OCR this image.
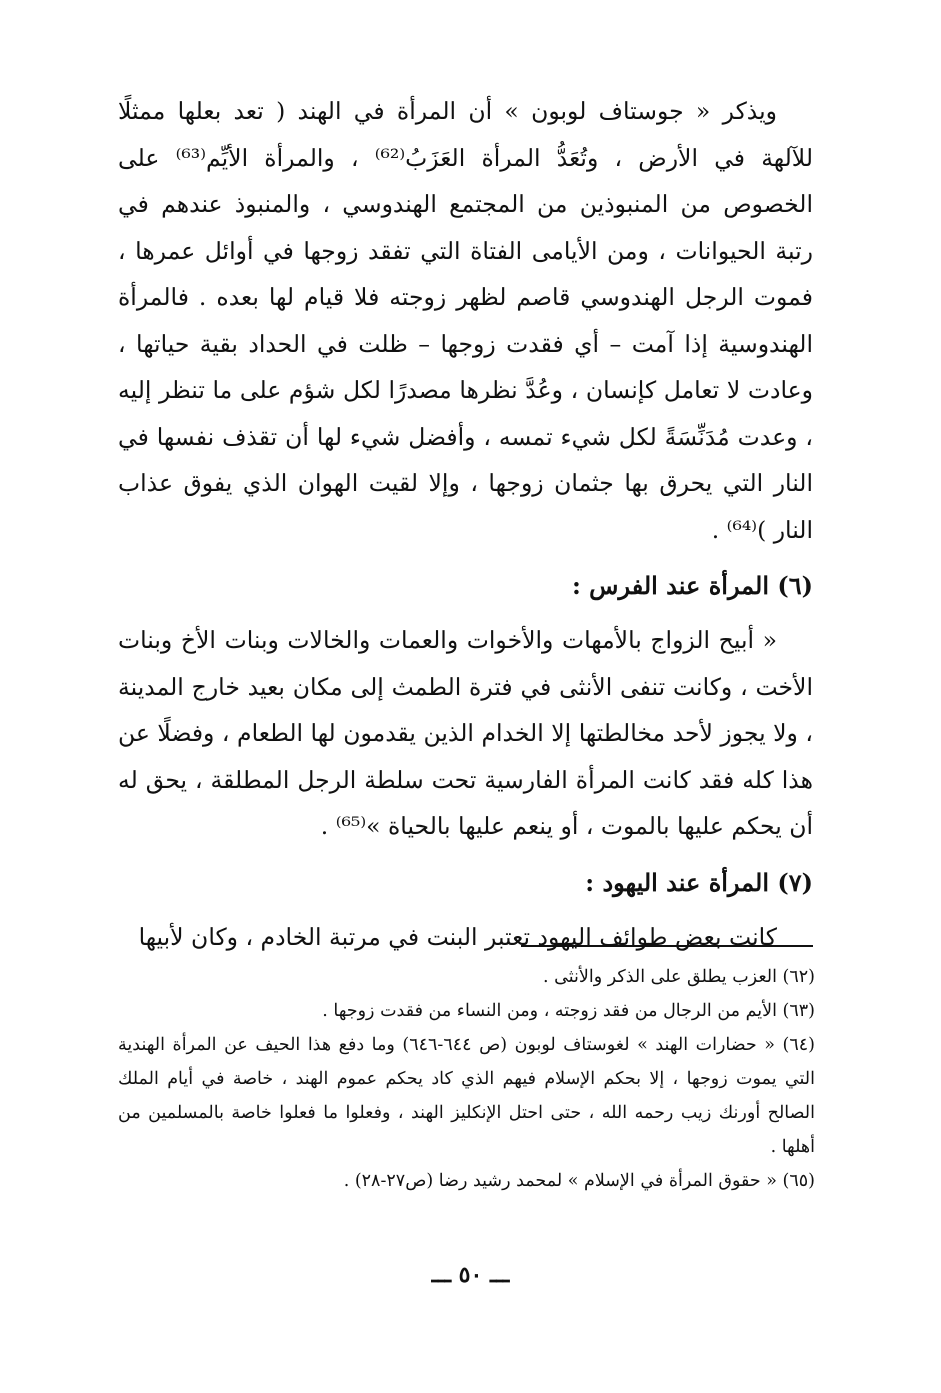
ويذكر « جوستاف لوبون » أن المرأة في الهند ( تعد بعلها ممثلًا للآلهة في الأرض ، وتُعَدُّ المرأة العَزَبُ⁽⁶²⁾ ، والمرأة الأيِّم⁽⁶³⁾ على الخصوص من المنبوذين من المجتمع الهندوسي ، والمنبوذ عندهم في رتبة الحيوانات ، ومن الأيامى الفتاة التي تفقد زوجها في أوائل عمرها ، فموت الرجل الهندوسي قاصم لظهر زوجته فلا قيام لها بعده . فالمرأة الهندوسية إذا آمت – أي فقدت زوجها – ظلت في الحداد بقية حياتها ، وعادت لا تعامل كإنسان ، وعُدَّ نظرها مصدرًا لكل شؤم على ما تنظر إليه ، وعدت مُدَنِّسَةً لكل شيء تمسه ، وأفضل شيء لها أن تقذف نفسها في النار التي يحرق بها جثمان زوجها ، وإلا لقيت الهوان الذي يفوق عذاب النار )⁽⁶⁴⁾ .

(٦) المرأة عند الفرس :

« أبيح الزواج بالأمهات والأخوات والعمات والخالات وبنات الأخ وبنات الأخت ، وكانت تنفى الأنثى في فترة الطمث إلى مكان بعيد خارج المدينة ، ولا يجوز لأحد مخالطتها إلا الخدام الذين يقدمون لها الطعام ، وفضلًا عن هذا كله فقد كانت المرأة الفارسية تحت سلطة الرجل المطلقة ، يحق له أن يحكم عليها بالموت ، أو ينعم عليها بالحياة »⁽⁶⁵⁾ .

(٧) المرأة عند اليهود :

كانت بعض طوائف اليهود تعتبر البنت في مرتبة الخادم ، وكان لأبيها

(٦٢) العزب يطلق على الذكر والأنثى .

(٦٣) الأيم من الرجال من فقد زوجته ، ومن النساء من فقدت زوجها .

(٦٤) « حضارات الهند » لغوستاف لوبون (ص ٦٤٤-٦٤٦) وما دفع هذا الحيف عن المرأة الهندية التي يموت زوجها ، إلا بحكم الإسلام فيهم الذي كاد يحكم عموم الهند ، خاصة في أيام الملك الصالح أورنك زيب رحمه الله ، حتى احتل الإنكليز الهند ، وفعلوا ما فعلوا خاصة بالمسلمين من أهلها .

(٦٥) « حقوق المرأة في الإسلام » لمحمد رشيد رضا (ص٢٧-٢٨) .

ـــ ٥٠ ـــ
